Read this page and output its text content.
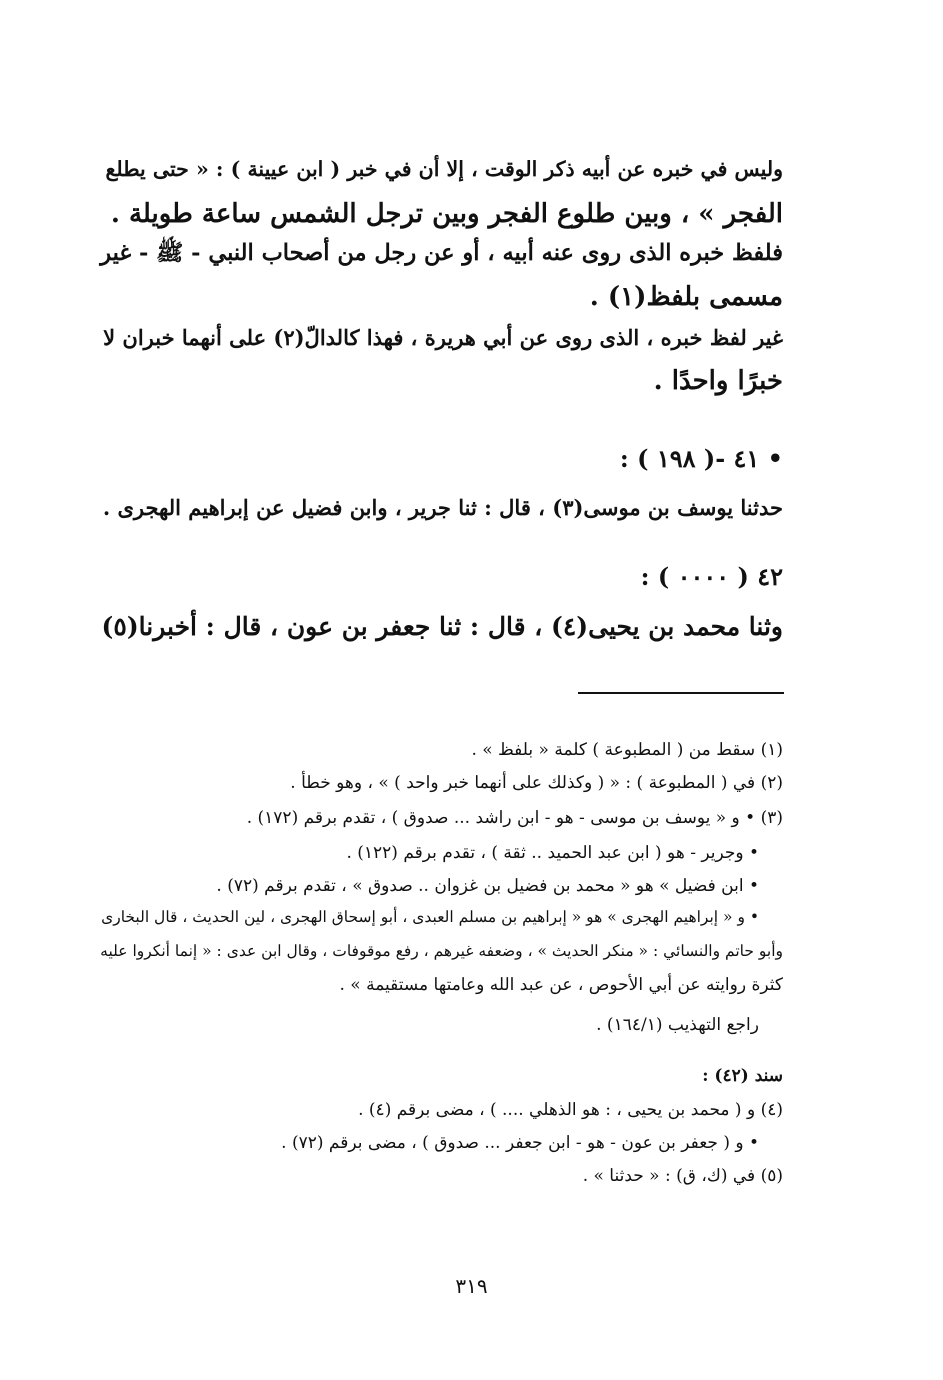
وليس في خبره عن أبيه ذكر الوقت ، إلا أن في خبر ( ابن عيينة ) : « حتى يطلع

الفجر » ، وبين طلوع الفجر وبين ترجل الشمس ساعة طويلة .

فلفظ خبره الذى روى عنه أبيه ، أو عن رجل من أصحاب النبي - ﷺ - غير

مسمى بلفظ(١) .

غير لفظ خبره ، الذى روى عن أبي هريرة ، فهذا كالدالّ(٢) على أنهما خبران لا

خبرًا واحدًا .

• ٤١ -( ١٩٨ ) :

حدثنا يوسف بن موسى(٣) ، قال : ثنا جرير ، وابن فضيل عن إبراهيم الهجرى .

٤٢ ( ٠٠٠٠ ) :

وثنا محمد بن يحيى(٤) ، قال : ثنا جعفر بن عون ، قال : أخبرنا(٥)

(١) سقط من ( المطبوعة ) كلمة « بلفظ » .

(٢) في ( المطبوعة ) : « ( وكذلك على أنهما خبر واحد ) » ، وهو خطأ .

(٣) • و « يوسف بن موسى - هو - ابن راشد ... صدوق ) ، تقدم برقم (١٧٢) .

• وجرير - هو ( ابن عبد الحميد .. ثقة ) ، تقدم برقم (١٢٢) .

• ابن فضيل » هو « محمد بن فضيل بن غزوان .. صدوق » ، تقدم برقم (٧٢) .

• و « إبراهيم الهجرى » هو « إبراهيم بن مسلم العبدى ، أبو إسحاق الهجرى ، لين الحديث ، قال البخارى

وأبو حاتم والنسائي : « منكر الحديث » ، وضعفه غيرهم ، رفع موقوفات ، وقال ابن عدى : « إنما أنكروا عليه

كثرة روايته عن أبي الأحوص ، عن عبد الله وعامتها مستقيمة » .

راجع التهذيب (١٦٤/١) .

سند (٤٢) :

(٤) و ( محمد بن يحيى ، : هو الذهلي .... ) ، مضى برقم (٤) .

• و ( جعفر بن عون - هو - ابن جعفر ... صدوق ) ، مضى برقم (٧٢) .

(٥) في (ك، ق) : « حدثنا » .

٣١٩
